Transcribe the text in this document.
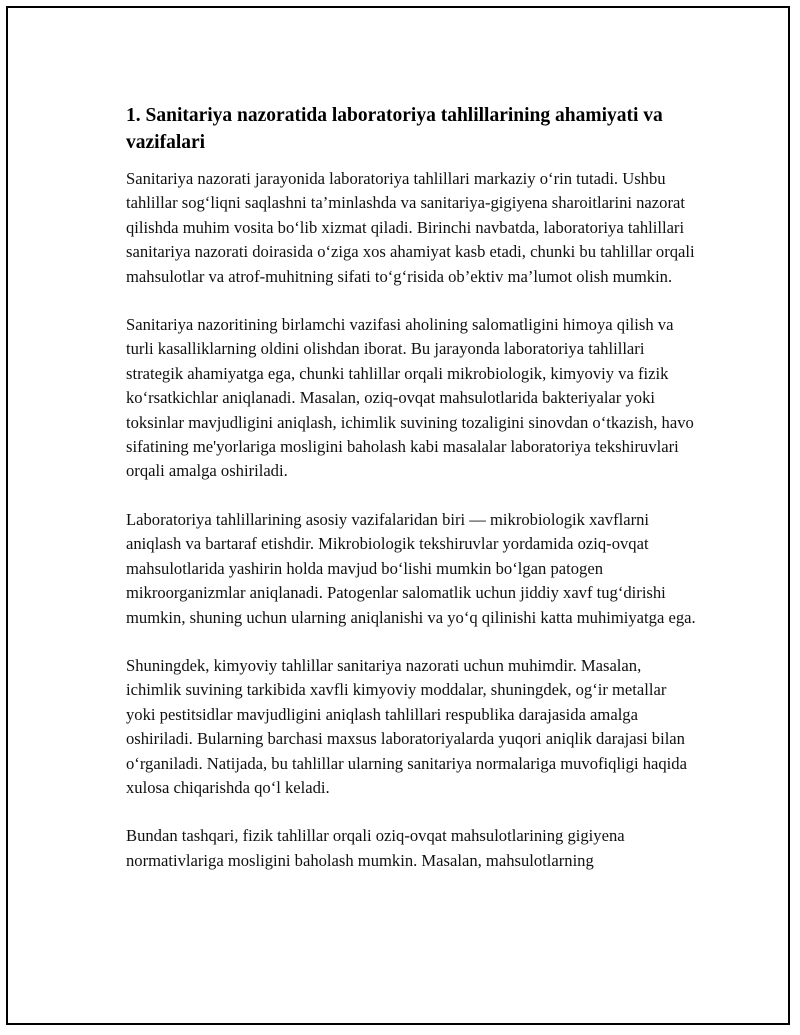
1. Sanitariya nazoratida laboratoriya tahlillarining ahamiyati va vazifalari

Sanitariya nazorati jarayonida laboratoriya tahlillari markaziy o‘rin tutadi. Ushbu tahlillar sog‘liqni saqlashni ta’minlashda va sanitariya-gigiyena sharoitlarini nazorat qilishda muhim vosita bo‘lib xizmat qiladi. Birinchi navbatda, laboratoriya tahlillari sanitariya nazorati doirasida o‘ziga xos ahamiyat kasb etadi, chunki bu tahlillar orqali mahsulotlar va atrof-muhitning sifati to‘g‘risida ob’ektiv ma’lumot olish mumkin.

Sanitariya nazoritining birlamchi vazifasi aholining salomatligini himoya qilish va turli kasalliklarning oldini olishdan iborat. Bu jarayonda laboratoriya tahlillari strategik ahamiyatga ega, chunki tahlillar orqali mikrobiologik, kimyoviy va fizik ko‘rsatkichlar aniqlanadi. Masalan, oziq-ovqat mahsulotlarida bakteriyalar yoki toksinlar mavjudligini aniqlash, ichimlik suvining tozaligini sinovdan o‘tkazish, havo sifatining me'yorlariga mosligini baholash kabi masalalar laboratoriya tekshiruvlari orqali amalga oshiriladi.

Laboratoriya tahlillarining asosiy vazifalaridan biri — mikrobiologik xavflarni aniqlash va bartaraf etishdir. Mikrobiologik tekshiruvlar yordamida oziq-ovqat mahsulotlarida yashirin holda mavjud bo‘lishi mumkin bo‘lgan patogen mikroorganizmlar aniqlanadi. Patogenlar salomatlik uchun jiddiy xavf tug‘dirishi mumkin, shuning uchun ularning aniqlanishi va yo‘q qilinishi katta muhimiyatga ega.

Shuningdek, kimyoviy tahlillar sanitariya nazorati uchun muhimdir. Masalan, ichimlik suvining tarkibida xavfli kimyoviy moddalar, shuningdek, og‘ir metallar yoki pestitsidlar mavjudligini aniqlash tahlillari respublika darajasida amalga oshiriladi. Bularning barchasi maxsus laboratoriyalarda yuqori aniqlik darajasi bilan o‘rganiladi. Natijada, bu tahlillar ularning sanitariya normalariga muvofiqligi haqida xulosa chiqarishda qo‘l keladi.

Bundan tashqari, fizik tahlillar orqali oziq-ovqat mahsulotlarining gigiyena normativlariga mosligini baholash mumkin. Masalan, mahsulotlarning
